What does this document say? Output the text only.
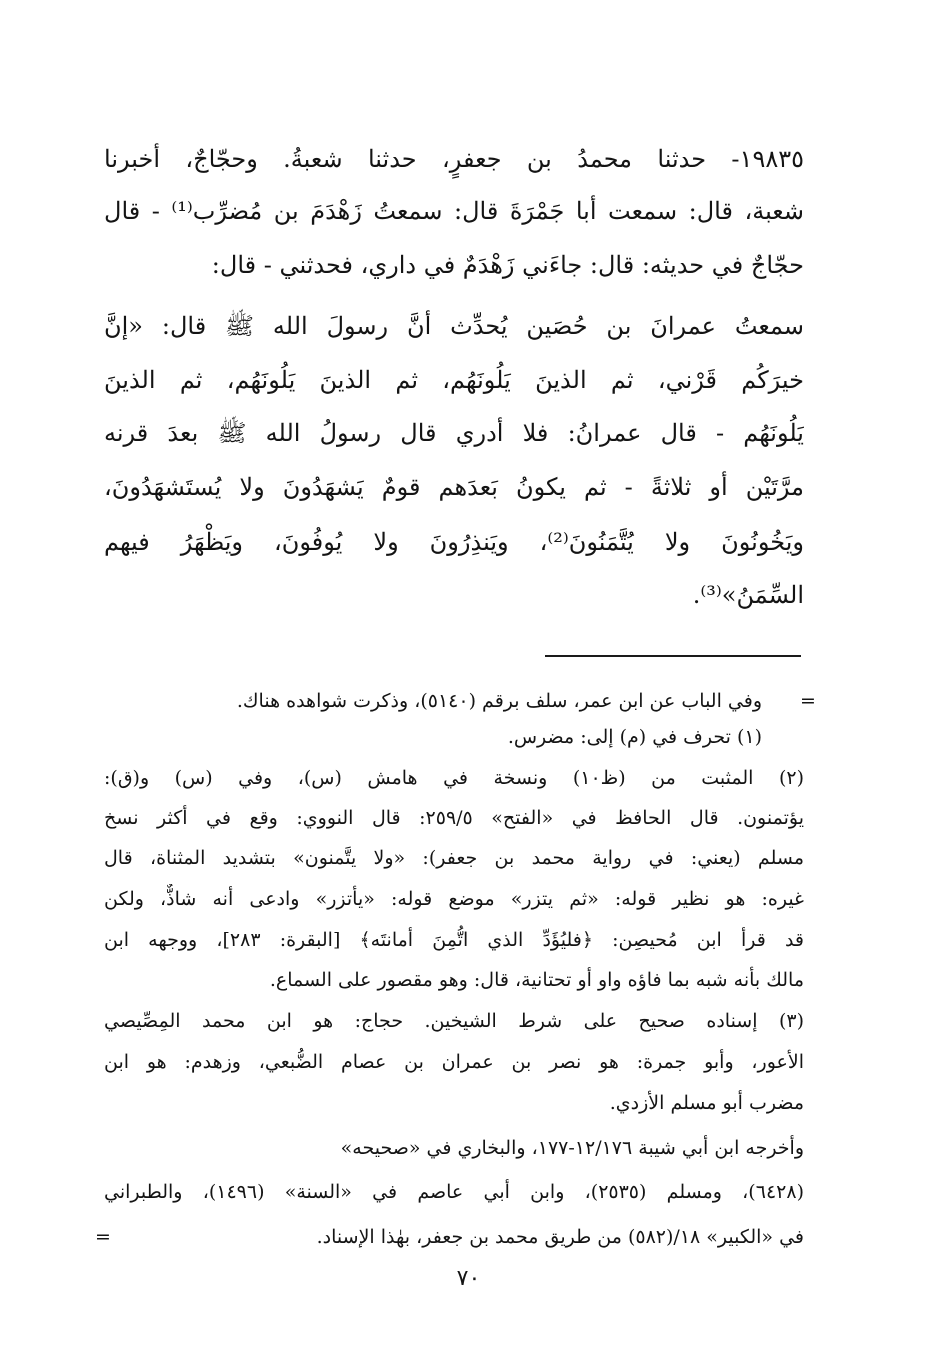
١٩٨٣٥- حدثنا محمدُ بن جعفرٍ، حدثنا شعبةُ. وحجّاجٌ، أخبرنا
شعبة، قال: سمعت أبا جَمْرَةَ قال: سمعتُ زَهْدَمَ بن مُضرِّب⁽¹⁾ - قال
حجّاجٌ في حديثه: قال: جاءَني زَهْدَمٌ في داري، فحدثني - قال:
سمعتُ عمرانَ بن حُصَين يُحدِّث أنَّ رسولَ الله ﷺ قال: «إنَّ
خيرَكُم قَرْني، ثم الذينَ يَلُونَهُم، ثم الذينَ يَلُونَهُم، ثم الذينَ
يَلُونَهُم - قال عمرانُ: فلا أدري قال رسولُ الله ﷺ بعدَ قرنه
مرَّتَيْن أو ثلاثةً - ثم يكونُ بَعدَهم قومٌ يَشهَدُونَ ولا يُستَشهَدُونَ،
ويَخُونُونَ ولا يُتَّمَنُونَ⁽²⁾، ويَنذِرُونَ ولا يُوفُونَ، ويَظْهَرُ فيهم
السِّمَنُ»⁽³⁾.
=
=
وفي الباب عن ابن عمر، سلف برقم (٥١٤٠)، وذكرت شواهده هناك.
(١) تحرف في (م) إلى: مضرس.
(٢) المثبت من (ظ١٠) ونسخة في هامش (س)، وفي (س) و(ق):
يؤتمنون. قال الحافظ في «الفتح» ٢٥٩/٥: قال النووي: وقع في أكثر نسخ
مسلم (يعني: في رواية محمد بن جعفر): «ولا يتَّمنون» بتشديد المثناة، قال
غيره: هو نظير قوله: «ثم يتزر» موضع قوله: «يأتزر» وادعى أنه شاذٌّ، ولكن
قد قرأ ابن مُحيصِن: ﴿فليُؤَدِّ الذي اتُّمِنَ أمانتَه﴾ [البقرة: ٢٨٣]، ووجهه ابن
مالك بأنه شبه بما فاؤه واو أو تحتانية، قال: وهو مقصور على السماع.
(٣) إسناده صحيح على شرط الشيخين. حجاج: هو ابن محمد المِصِّيصي
الأعور، وأبو جمرة: هو نصر بن عمران بن عصام الضُّبعي، وزهدم: هو ابن
مضرب أبو مسلم الأزدي.
وأخرجه ابن أبي شيبة ١٢/١٧٦-١٧٧، والبخاري في «صحيحه»
(٦٤٢٨)، ومسلم (٢٥٣٥)، وابن أبي عاصم في «السنة» (١٤٩٦)، والطبراني
في «الكبير» ١٨/(٥٨٢) من طريق محمد بن جعفر، بهٰذا الإسناد.
٧٠
